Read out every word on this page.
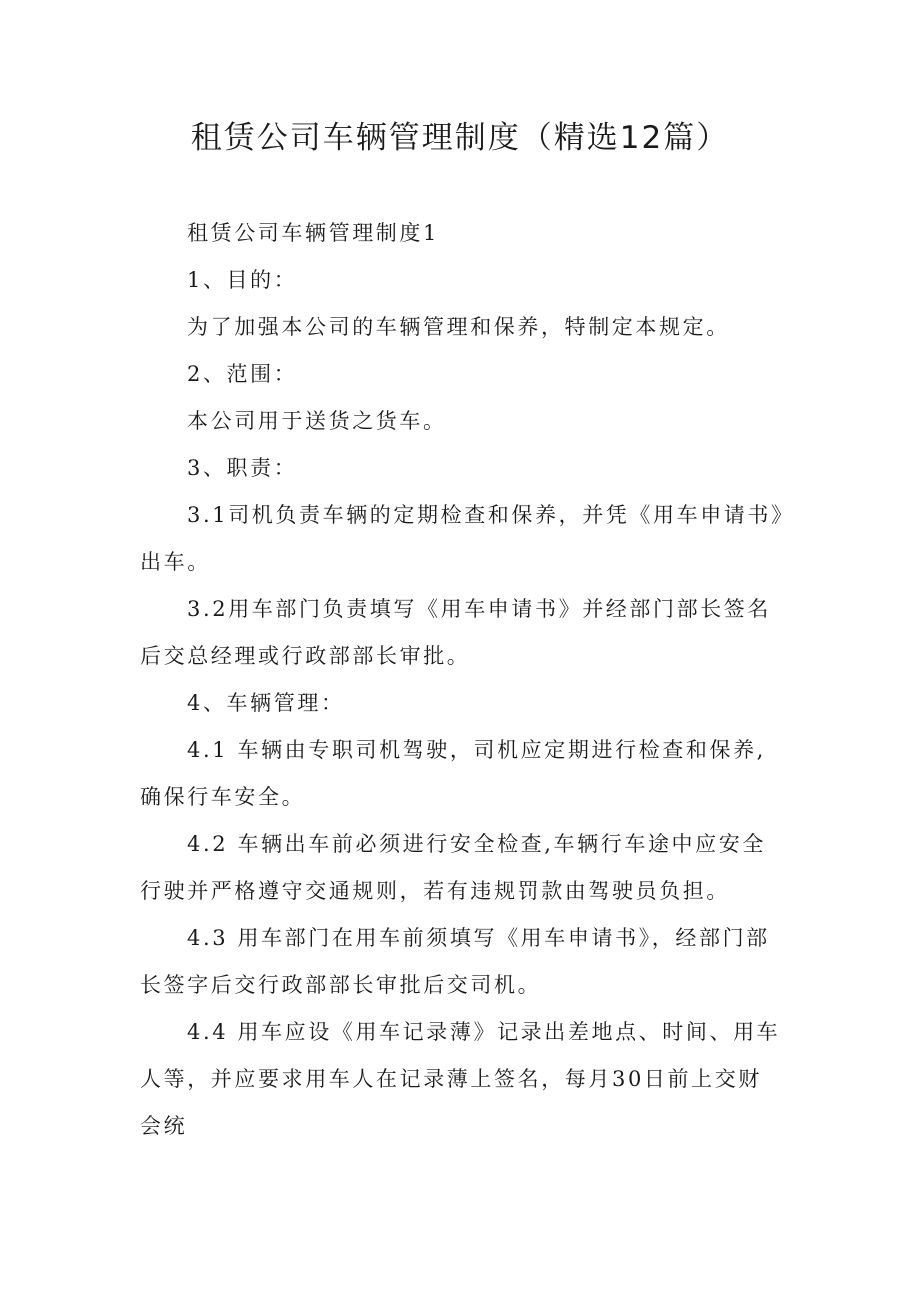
租赁公司车辆管理制度（精选12篇）

租赁公司车辆管理制度1

1、目的：

为了加强本公司的车辆管理和保养，特制定本规定。

2、范围：

本公司用于送货之货车。

3、职责：

3.1司机负责车辆的定期检查和保养，并凭《用车申请书》出车。

3.2用车部门负责填写《用车申请书》并经部门部长签名后交总经理或行政部部长审批。

4、车辆管理：

4.1 车辆由专职司机驾驶，司机应定期进行检查和保养,确保行车安全。

4.2 车辆出车前必须进行安全检查,车辆行车途中应安全行驶并严格遵守交通规则，若有违规罚款由驾驶员负担。

4.3 用车部门在用车前须填写《用车申请书》，经部门部长签字后交行政部部长审批后交司机。

4.4 用车应设《用车记录薄》记录出差地点、时间、用车人等，并应要求用车人在记录薄上签名，每月30日前上交财会统
